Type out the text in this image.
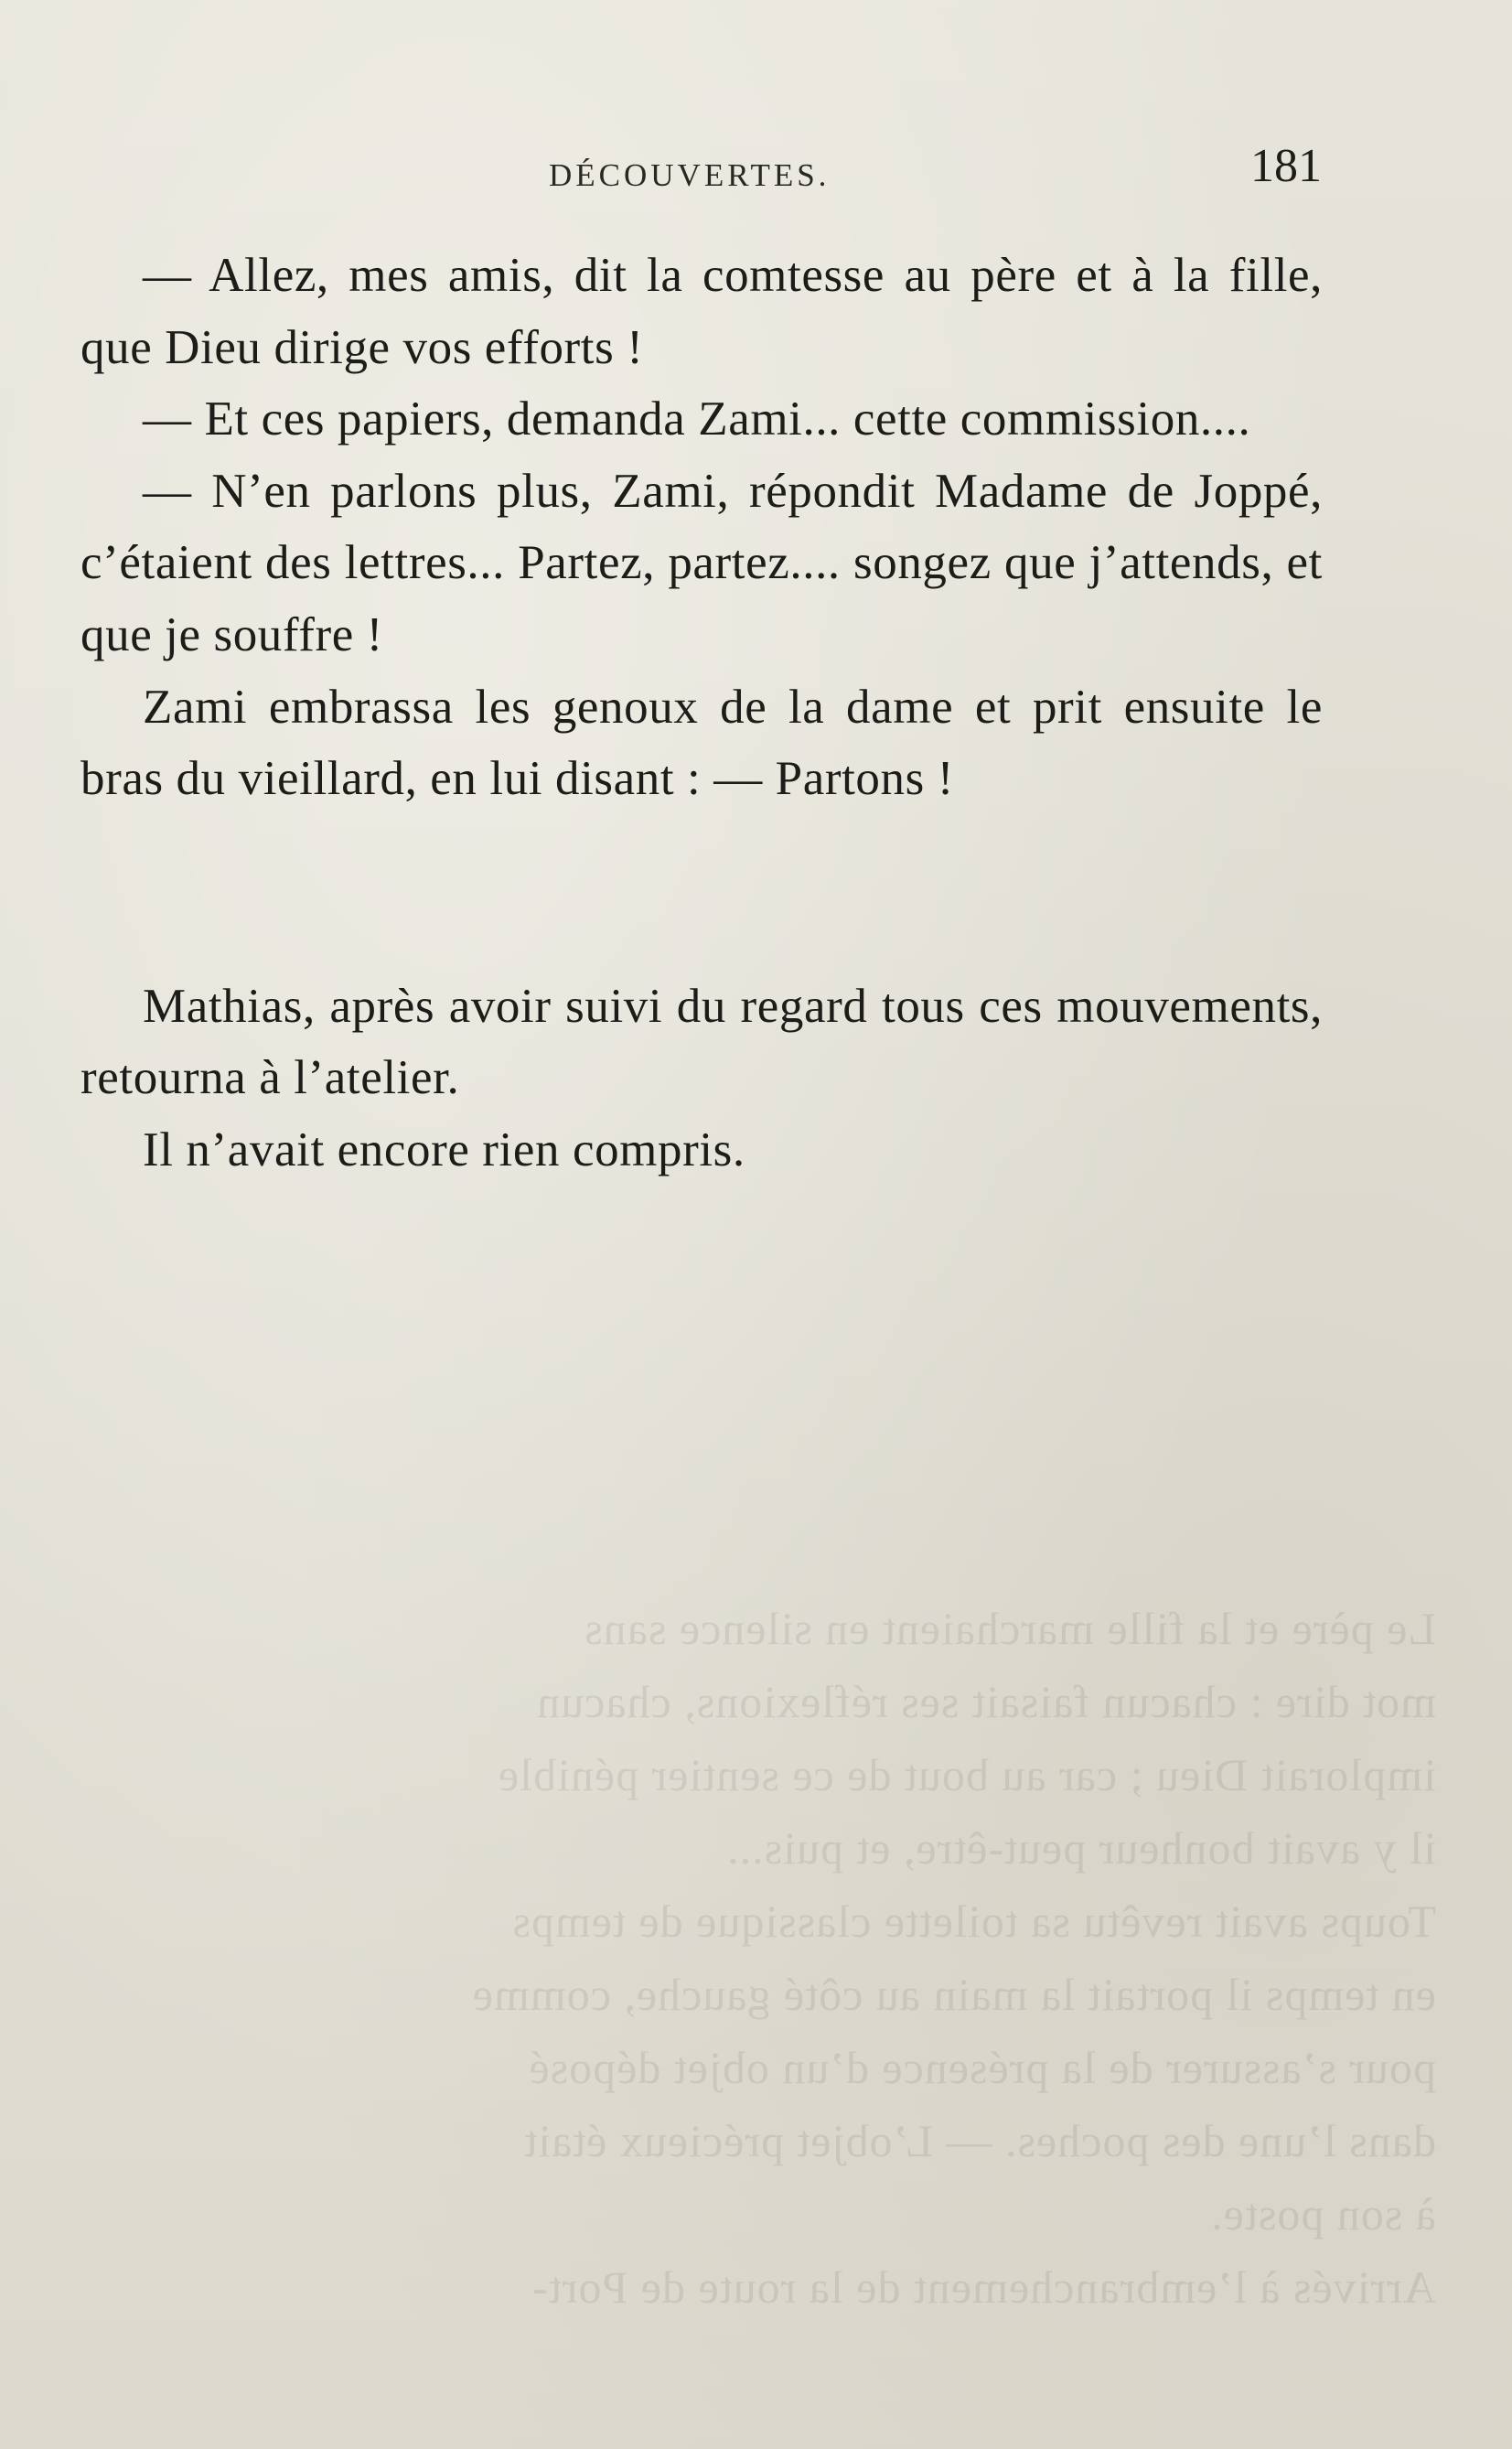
Le père et la fille marchaient en silence sans
mot dire : chacun faisait ses réflexions, chacun
implorait Dieu ; car au bout de ce sentier pénible
il y avait bonheur peut-être, et puis...
Toups avait revêtu sa toilette classique de temps
en temps il portait la main au côté gauche, comme
pour s’assurer de la présence d’un objet déposé
dans l’une des poches. — L’objet précieux était
à son poste.
Arrivés à l’embranchement de la route de Port-
DÉCOUVERTES.	181

— Allez, mes amis, dit la comtesse au père et à la fille, que Dieu dirige vos efforts !

— Et ces papiers, demanda Zami... cette commission....

— N’en parlons plus, Zami, répondit Madame de Joppé, c’étaient des lettres... Partez, partez.... songez que j’attends, et que je souffre !

Zami embrassa les genoux de la dame et prit ensuite le bras du vieillard, en lui disant : — Partons !

Mathias, après avoir suivi du regard tous ces mouvements, retourna à l’atelier.

Il n’avait encore rien compris.
